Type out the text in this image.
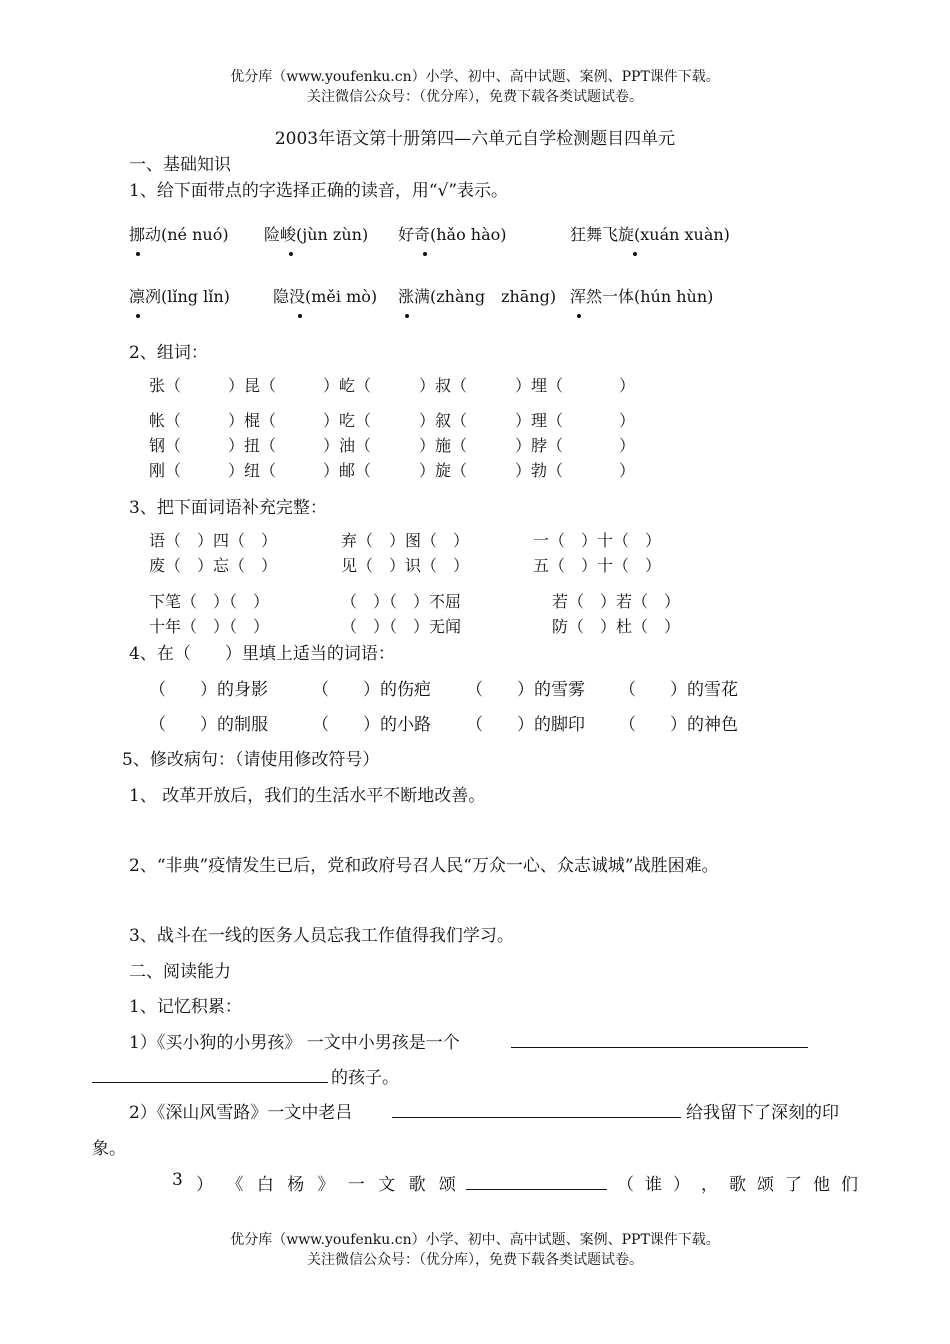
优分库（www.youfenku.cn）小学、初中、高中试题、案例、PPT课件下载。
关注微信公众号：（优分库），免费下载各类试题试卷。
2003年语文第十册第四—六单元自学检测题目四单元
一、基础知识
1、给下面带点的字选择正确的读音，用“√”表示。
挪动(né nuó) 险峻(jùn zùn) 好奇(hǎo hào)	狂舞飞旋(xuán xuàn)
凛冽(lǐng lǐn)	隐没(měi mò) 涨满(zhàng　zhāng) 浑然一体(hún hùn)
2、组词：
张（	）昆（	）屹（	）叔（	）埋（	）
帐（	）棍（	）吃（	）叙（	）理（	）
钢（	）扭（	）油（	）施（	）脖（	）
刚（	）纽（	）邮（	）旋（	）勃（	）
3、把下面词语补充完整：
语（　）四（　）	弃（　）图（　）	一（　）十（　）
废（　）忘（　）	见（　）识（　）	五（　）十（　）
下笔（　）（　）	（　）（　）不屈	若（　）若（　）
十年（　）（　）	（　）（　）无闻	防（　）杜（　）
4、在（　　）里填上适当的词语：
（　　）的身影	（　　）的伤疤 （　　）的雪雾 （　　）的雪花
（　　）的制服	（　　）的小路 （　　）的脚印 （　　）的神色
5、修改病句：（请使用修改符号）
1、 改革开放后，我们的生活水平不断地改善。
2、“非典”疫情发生已后，党和政府号召人民“万众一心、众志诚城”战胜困难。
3、战斗在一线的医务人员忘我工作值得我们学习。
二、阅读能力
1、记忆积累：
1）《买小狗的小男孩》 一文中小男孩是一个
的孩子。
2）《深山风雪路》一文中老吕	给我留下了深刻的印
象。
3 ） 《 白 杨 》 一 文 歌 颂	（ 谁 ） ， 歌 颂 了 他 们
优分库（www.youfenku.cn）小学、初中、高中试题、案例、PPT课件下载。
关注微信公众号：（优分库），免费下载各类试题试卷。
